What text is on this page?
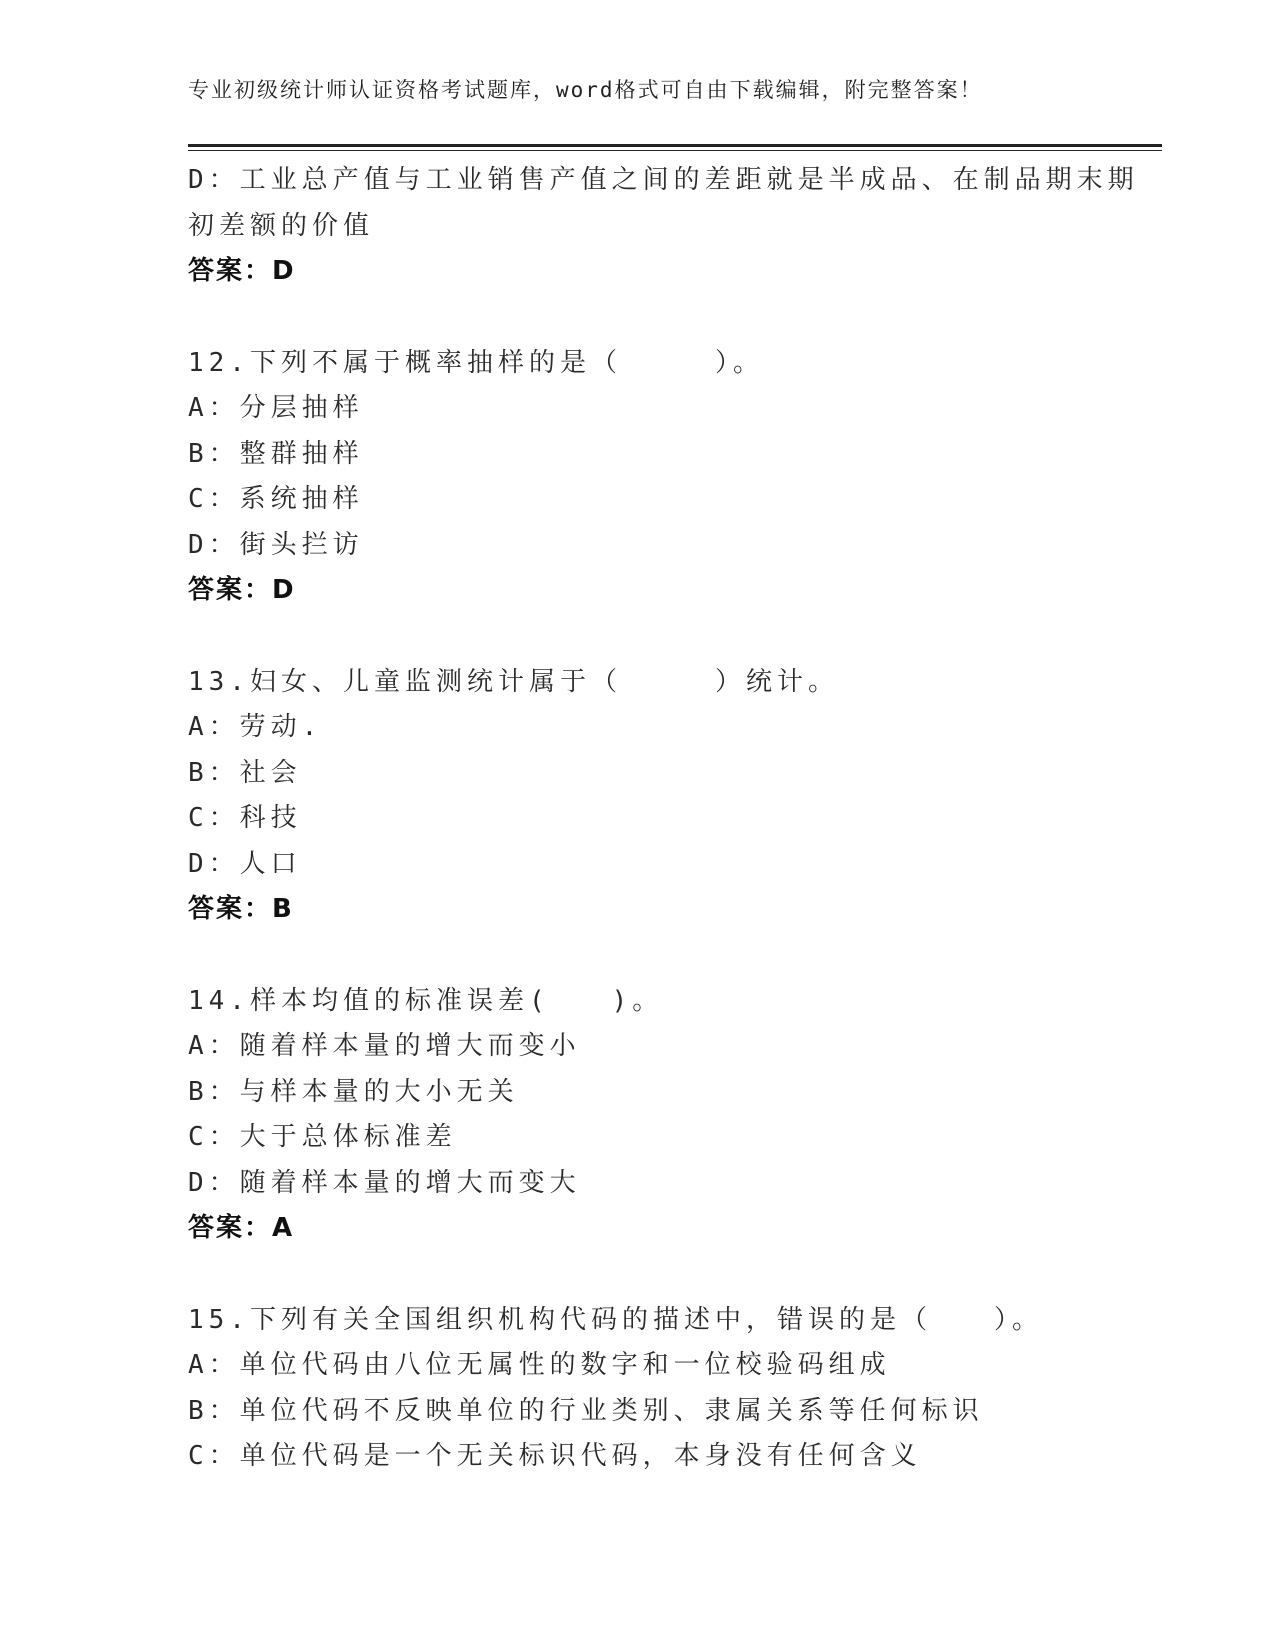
专业初级统计师认证资格考试题库，word格式可自由下载编辑，附完整答案！
D：工业总产值与工业销售产值之间的差距就是半成品、在制品期末期
初差额的价值
答案：D
12.下列不属于概率抽样的是（　　　）。
A：分层抽样
B：整群抽样
C：系统抽样
D：街头拦访
答案：D
13.妇女、儿童监测统计属于（　　　）统计。
A：劳动.
B：社会
C：科技
D：人口
答案：B
14.样本均值的标准误差(　　)。
A：随着样本量的增大而变小
B：与样本量的大小无关
C：大于总体标准差
D：随着样本量的增大而变大
答案：A
15.下列有关全国组织机构代码的描述中，错误的是（　　）。
A：单位代码由八位无属性的数字和一位校验码组成
B：单位代码不反映单位的行业类别、隶属关系等任何标识
C：单位代码是一个无关标识代码，本身没有任何含义
